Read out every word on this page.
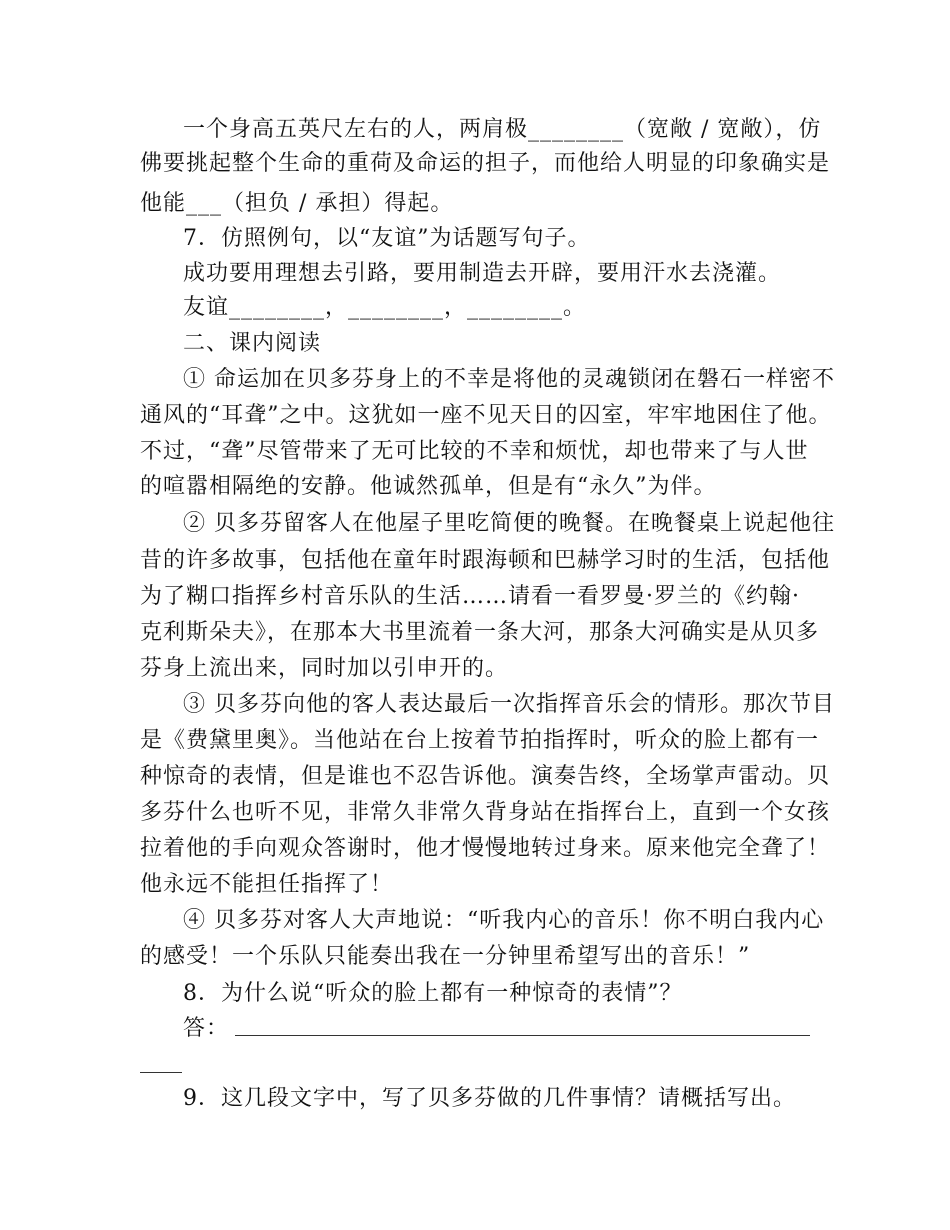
一个身高五英尺左右的人，两肩极________（宽敞 / 宽敞），仿
佛要挑起整个生命的重荷及命运的担子，而他给人明显的印象确实是
他能___（担负 / 承担）得起。
7．仿照例句，以“友谊”为话题写句子。
成功要用理想去引路，要用制造去开辟，要用汗水去浇灌。
友谊________，________，________。
二、课内阅读
① 命运加在贝多芬身上的不幸是将他的灵魂锁闭在磐石一样密不
通风的“耳聋”之中。这犹如一座不见天日的囚室，牢牢地困住了他。
不过，“聋”尽管带来了无可比较的不幸和烦忧，却也带来了与人世
的喧嚣相隔绝的安静。他诚然孤单，但是有“永久”为伴。
② 贝多芬留客人在他屋子里吃简便的晚餐。在晚餐桌上说起他往
昔的许多故事，包括他在童年时跟海顿和巴赫学习时的生活，包括他
为了糊口指挥乡村音乐队的生活……请看一看罗曼·罗兰的《约翰·
克利斯朵夫》，在那本大书里流着一条大河，那条大河确实是从贝多
芬身上流出来，同时加以引申开的。
③ 贝多芬向他的客人表达最后一次指挥音乐会的情形。那次节目
是《费黛里奥》。当他站在台上按着节拍指挥时，听众的脸上都有一
种惊奇的表情，但是谁也不忍告诉他。演奏告终，全场掌声雷动。贝
多芬什么也听不见，非常久非常久背身站在指挥台上，直到一个女孩
拉着他的手向观众答谢时，他才慢慢地转过身来。原来他完全聋了！
他永远不能担任指挥了！
④ 贝多芬对客人大声地说：“听我内心的音乐！你不明白我内心
的感受！一个乐队只能奏出我在一分钟里希望写出的音乐！”
8．为什么说“听众的脸上都有一种惊奇的表情”？
答：
9．这几段文字中，写了贝多芬做的几件事情？请概括写出。
